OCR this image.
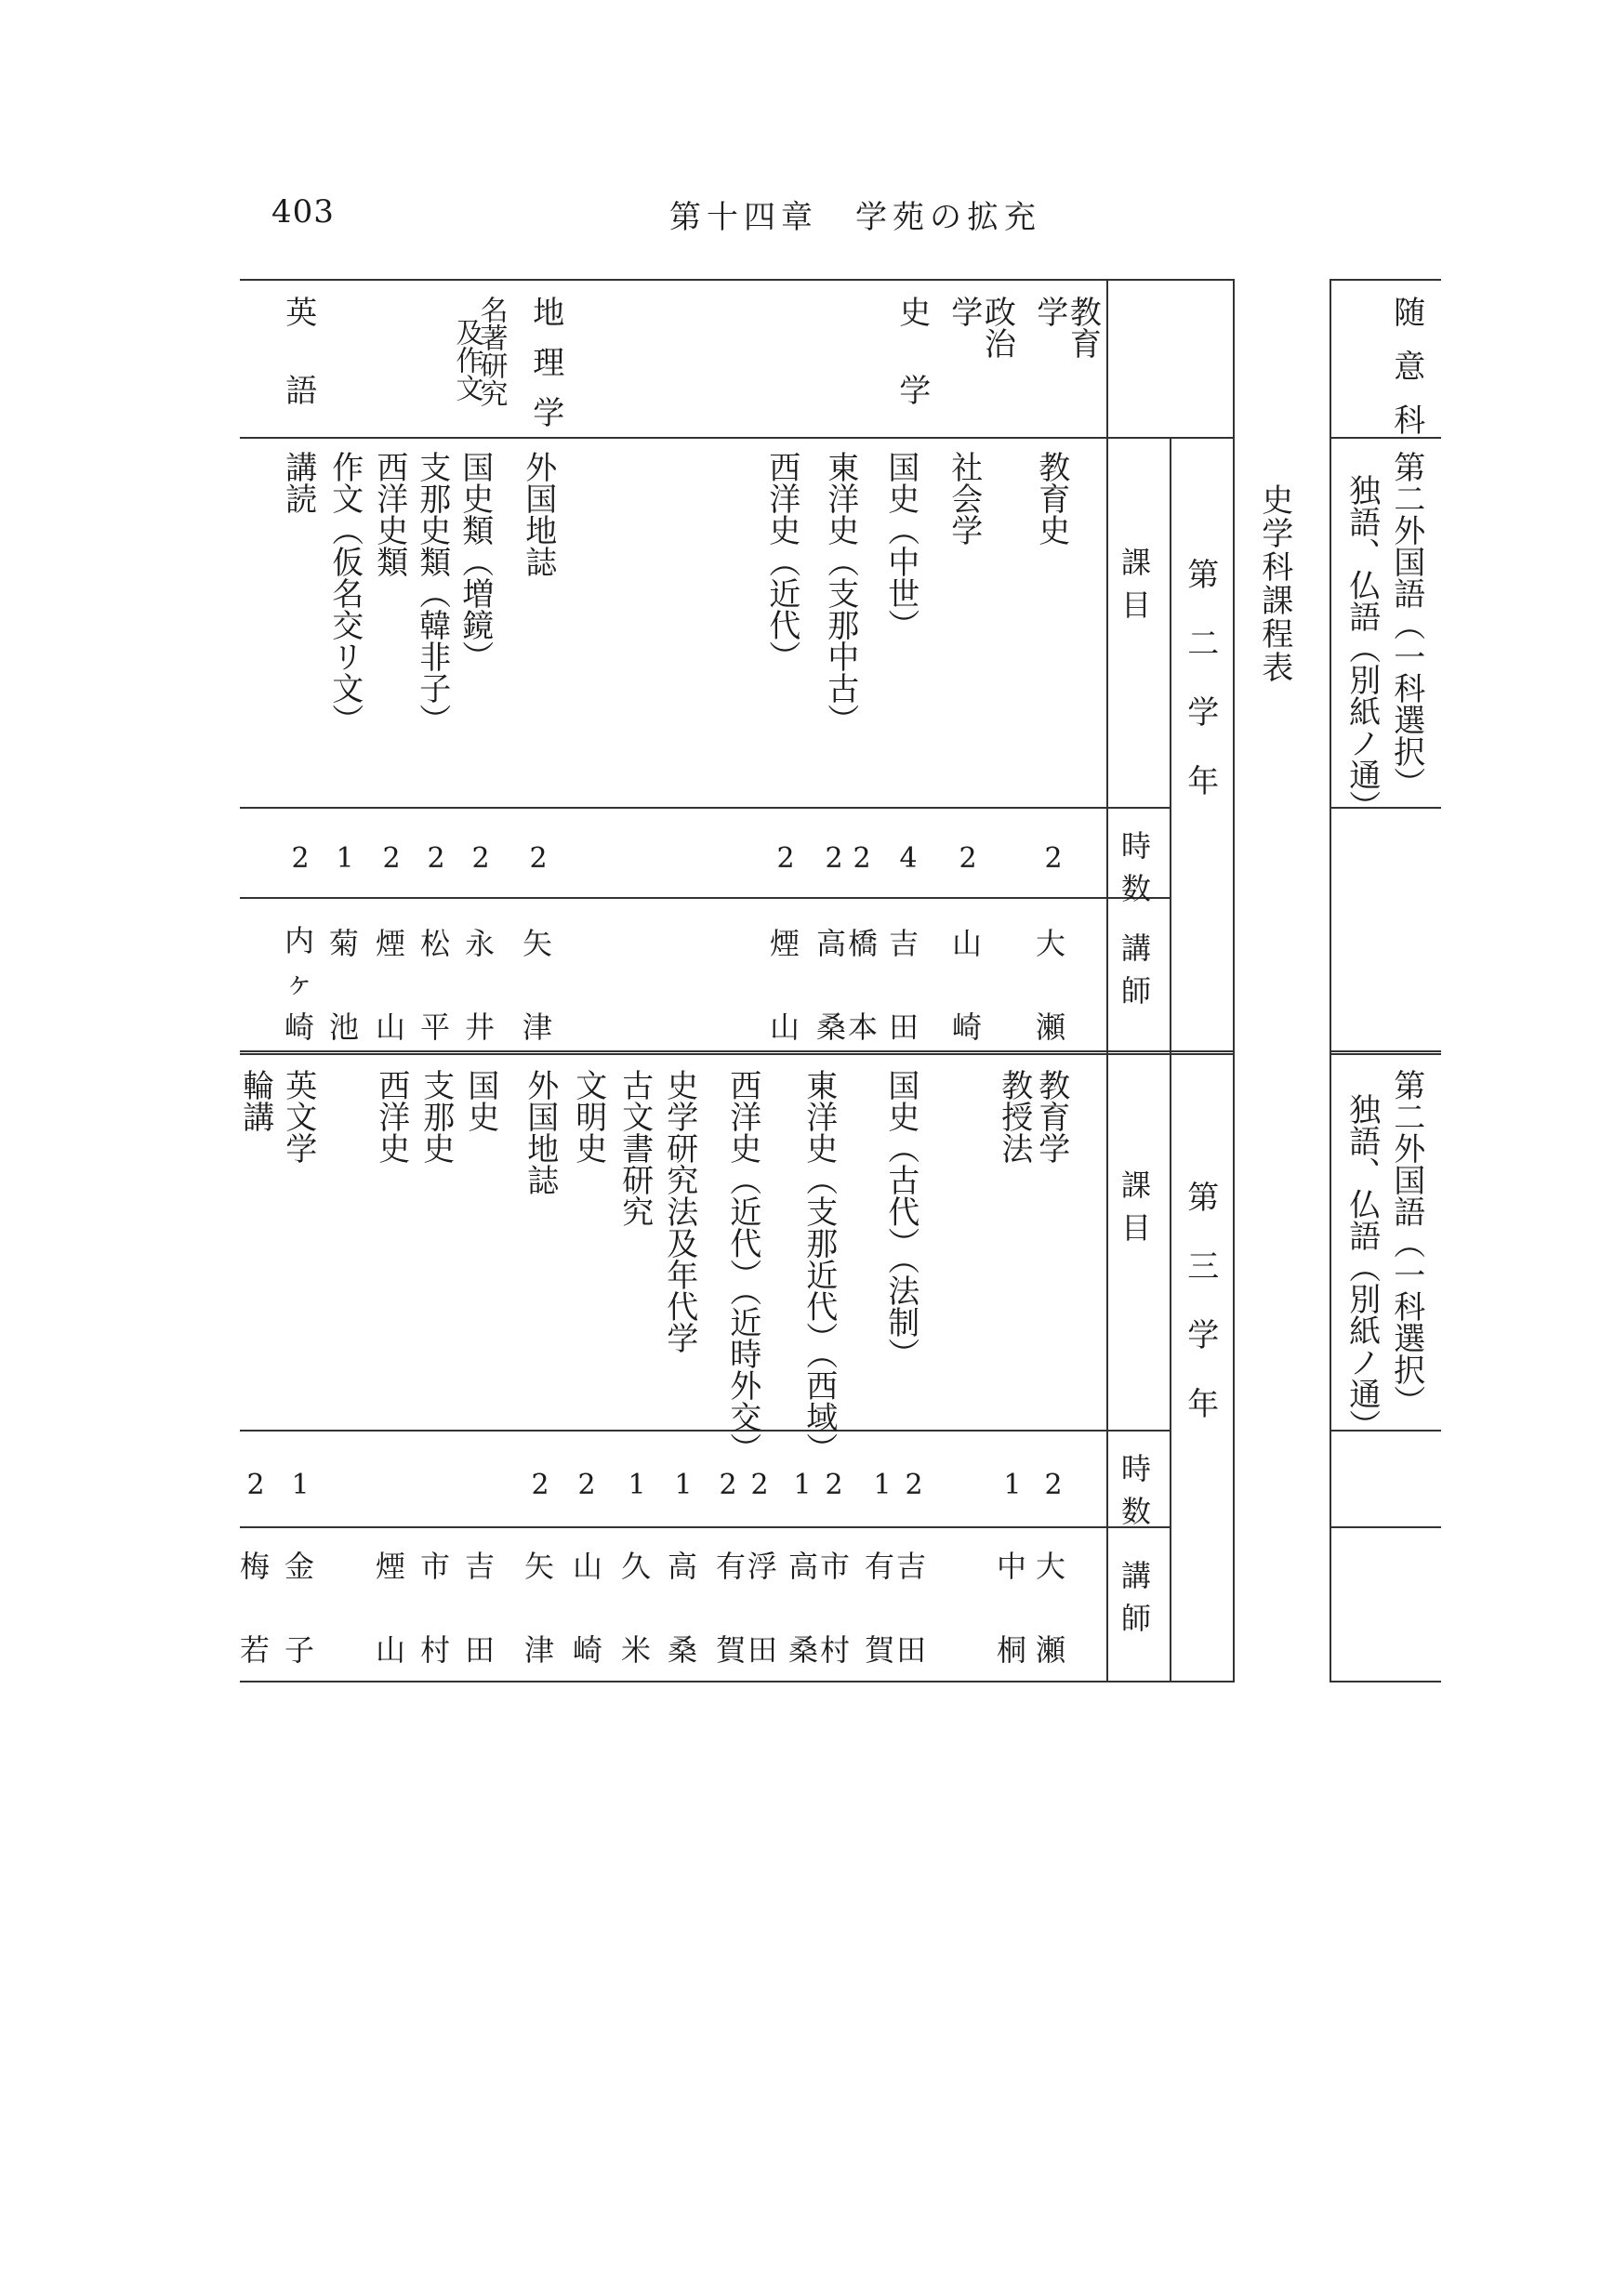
403	第十四章　学苑の拡充
史学科課程表
教育
学
政治
学
史学
地理学
名著研究
及作文
英語
課目
時数
講師
第二学年
課目
時数
講師
第三学年
教育史
社会学
国史（中世）
東洋史（支那中古）
西洋史（近代）
外国地誌
国史類（増鏡）
支那史類（韓非子）
西洋史類
作文（仮名交リ文）
講読
2
2
4
2
2
2
2
2
2
2
1
2
大
瀬
山
崎
吉
田
橋
本
高
桑
煙
山
矢
津
永
井
松
平
煙
山
菊
池
内ヶ
崎
教育学
教授法
国史（古代）（法制）
東洋史（支那近代）（西域）
西洋史（近代）（近時外交）
史学研究法及年代学
古文書研究
文明史
外国地誌
国史
支那史
西洋史
英文学
輪講
2
1
2
1
2
1
2
2
1
1
2
2
1
2
大
瀬
中
桐
吉
田
有
賀
市
村
高
桑
浮
田
有
賀
高
桑
久
米
山
崎
矢
津
吉
田
市
村
煙
山
金
子
梅
若
随意科
第二外国語（一科選択）
独語、仏語（別紙ノ通）
第二外国語（一科選択）
独語、仏語（別紙ノ通）
